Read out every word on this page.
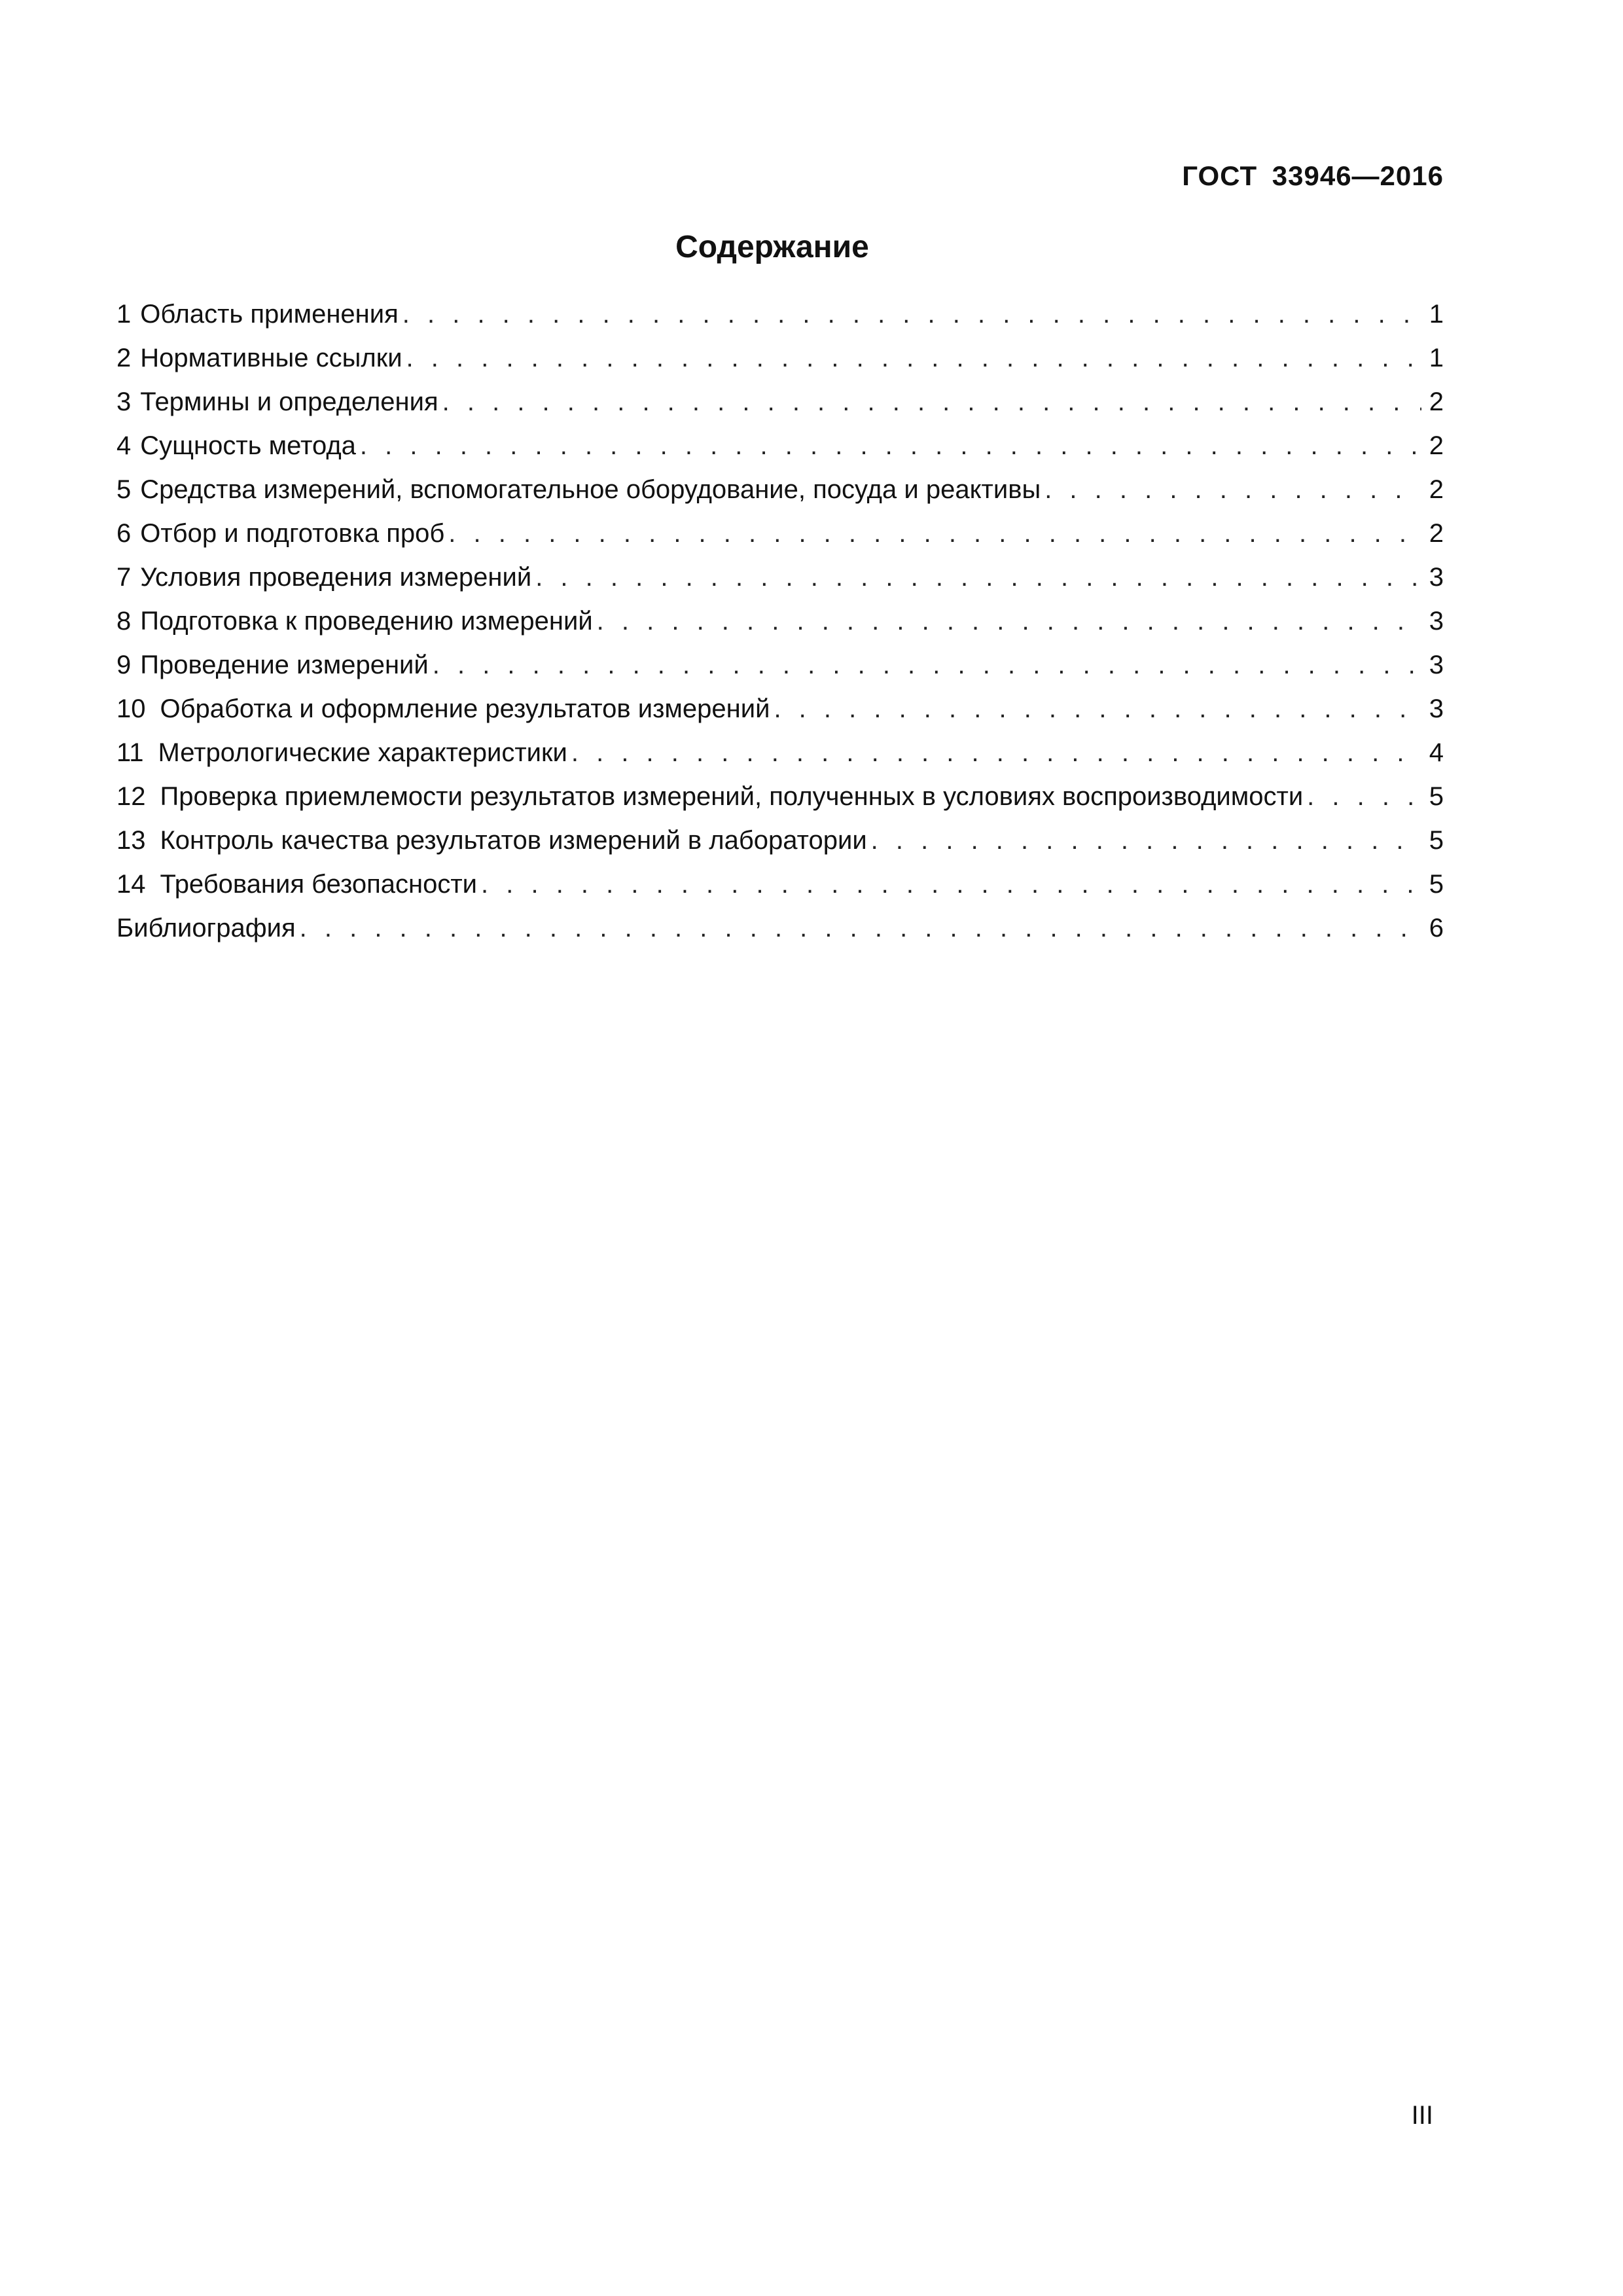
ГОСТ 33946—2016
Содержание
1 Область применения . . .	1
2 Нормативные ссылки . . .	1
3 Термины и определения . . .	2
4 Сущность метода . . .	2
5 Средства измерений, вспомогательное оборудование, посуда и реактивы . . .	2
6 Отбор и подготовка проб . . .	2
7 Условия проведения измерений . . .	3
8 Подготовка к проведению измерений . . .	3
9 Проведение измерений . . .	3
10 Обработка и оформление результатов измерений . . .	3
11 Метрологические характеристики . . .	4
12 Проверка приемлемости результатов измерений, полученных в условиях воспроизводимости . . .	5
13 Контроль качества результатов измерений в лаборатории . . .	5
14 Требования безопасности . . .	5
Библиография . . .	6
III
